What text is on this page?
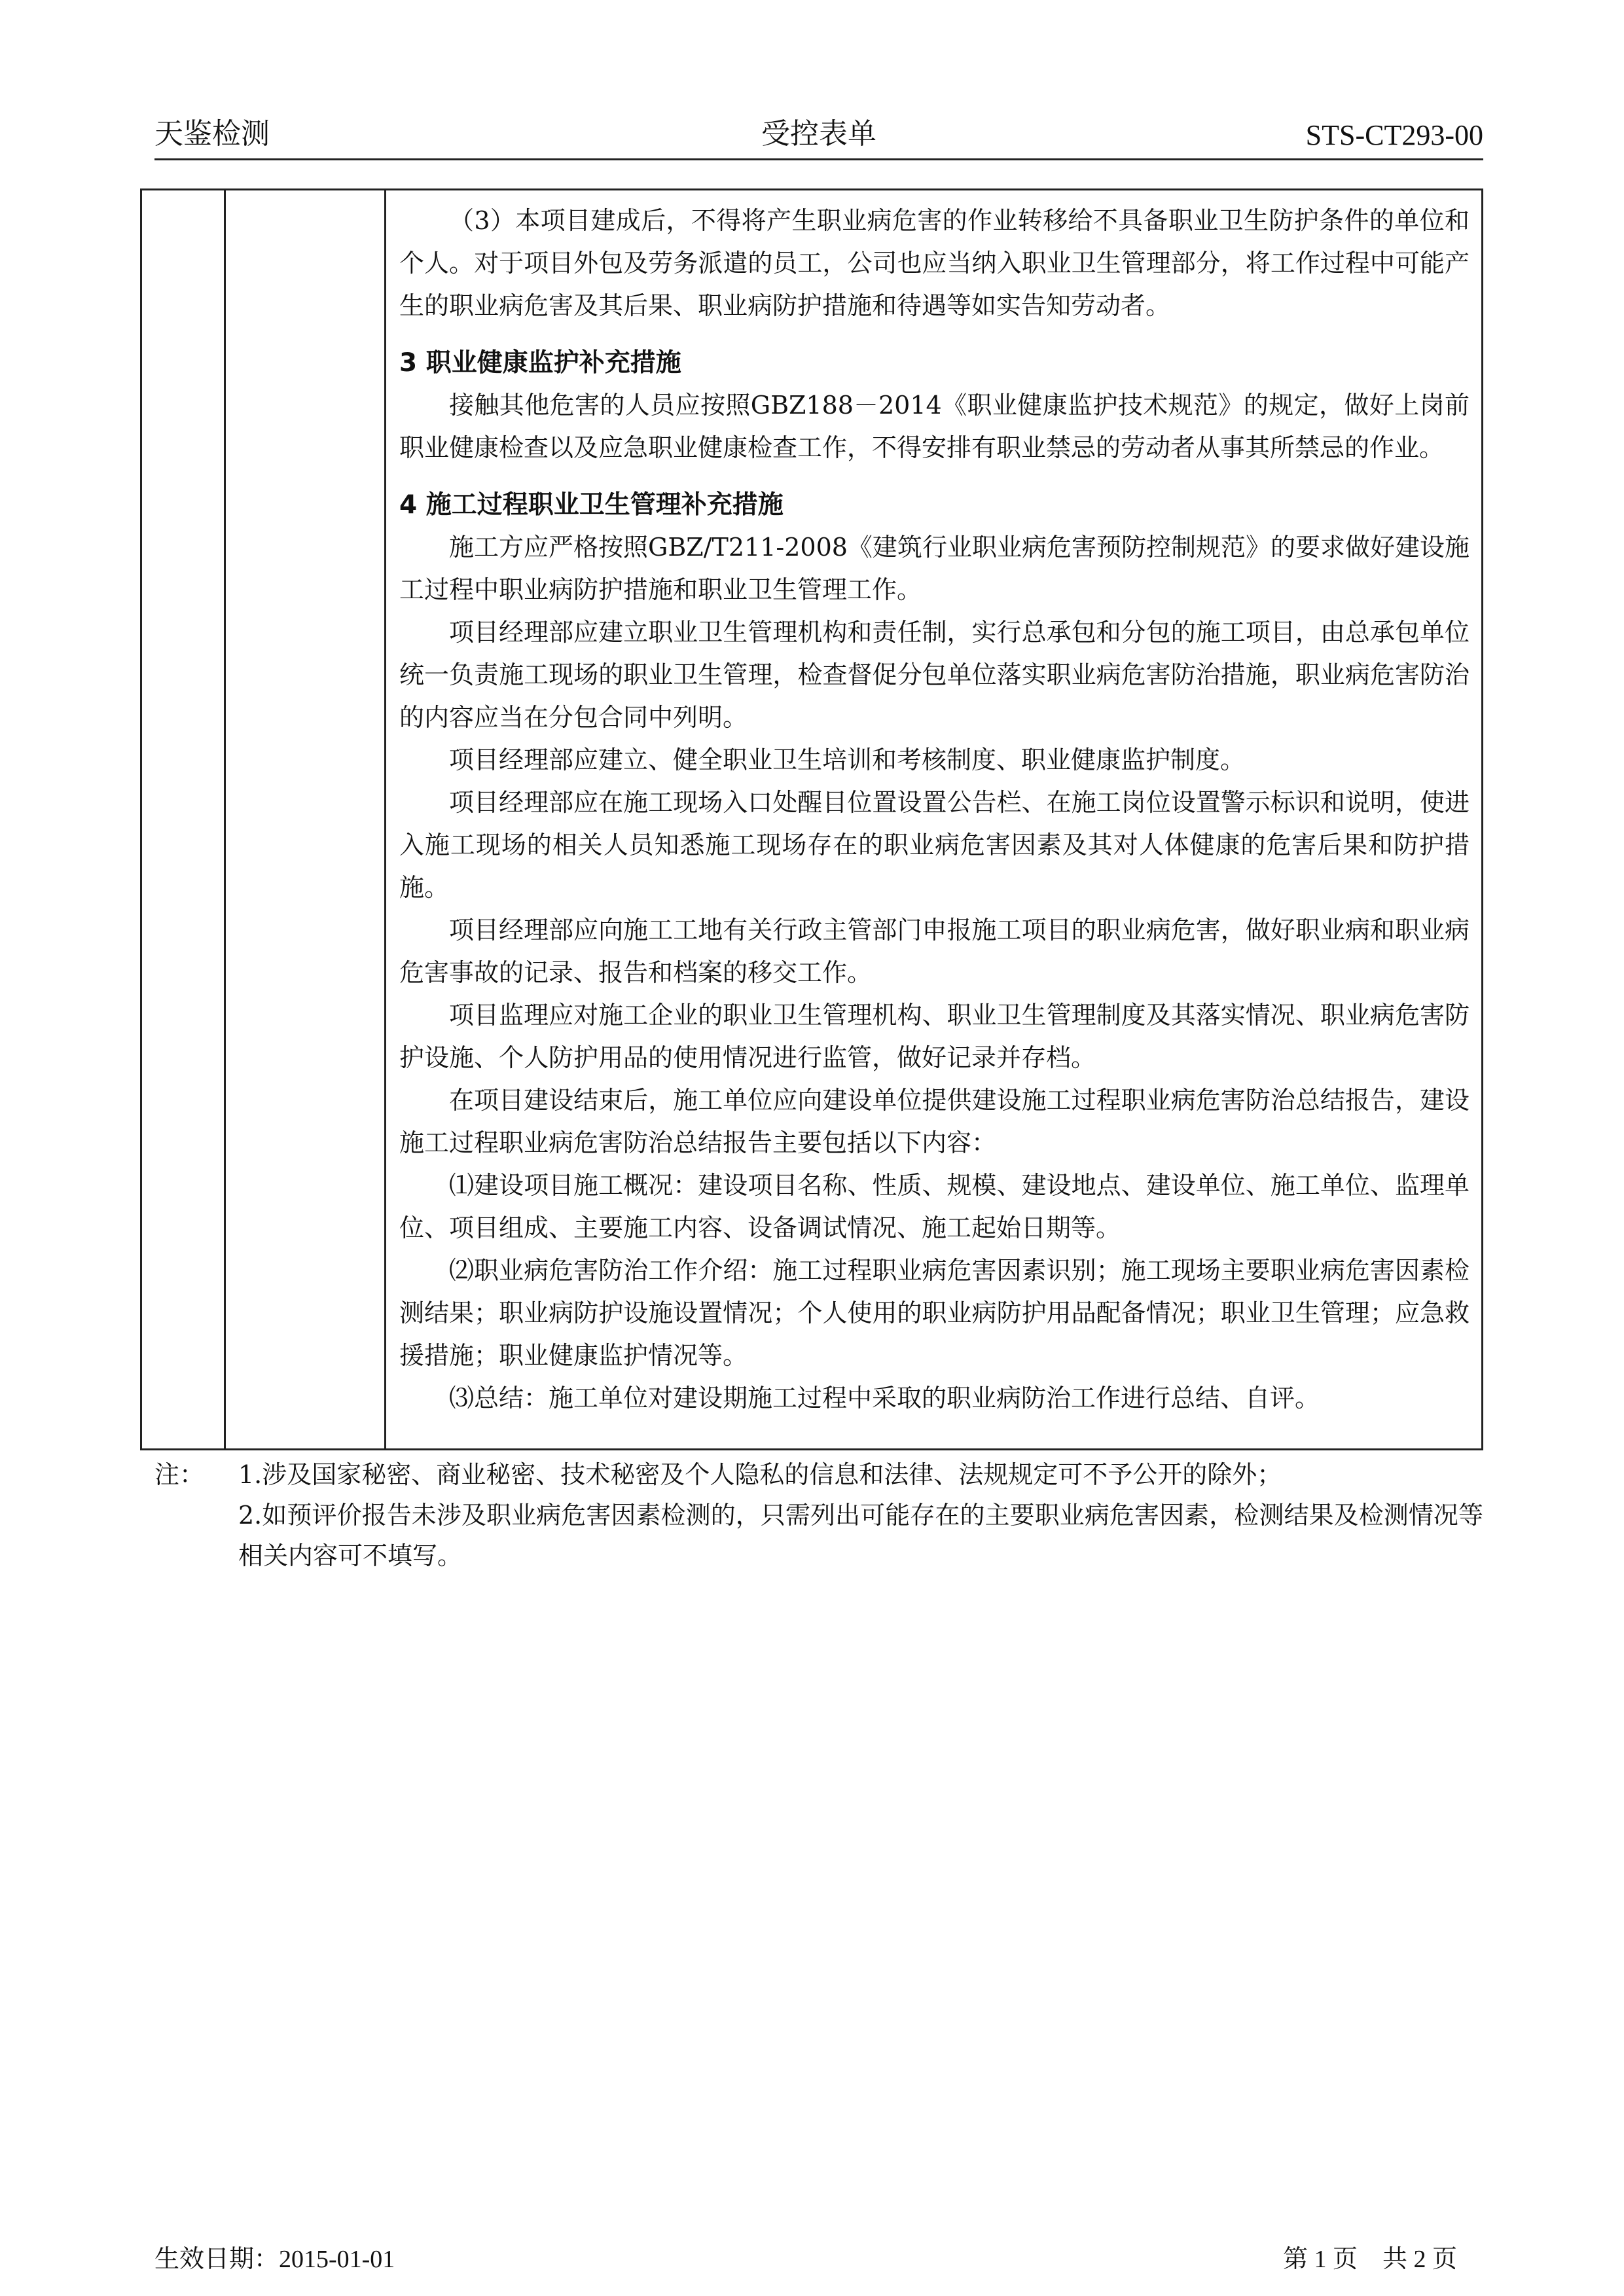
天鉴检测	受控表单	STS-CT293-00

（3）本项目建成后，不得将产生职业病危害的作业转移给不具备职业卫生防护条件的单位和个人。对于项目外包及劳务派遣的员工，公司也应当纳入职业卫生管理部分，将工作过程中可能产生的职业病危害及其后果、职业病防护措施和待遇等如实告知劳动者。

3 职业健康监护补充措施

接触其他危害的人员应按照GBZ188－2014《职业健康监护技术规范》的规定，做好上岗前职业健康检查以及应急职业健康检查工作，不得安排有职业禁忌的劳动者从事其所禁忌的作业。

4 施工过程职业卫生管理补充措施

施工方应严格按照GBZ/T211-2008《建筑行业职业病危害预防控制规范》的要求做好建设施工过程中职业病防护措施和职业卫生管理工作。

项目经理部应建立职业卫生管理机构和责任制，实行总承包和分包的施工项目，由总承包单位统一负责施工现场的职业卫生管理，检查督促分包单位落实职业病危害防治措施，职业病危害防治的内容应当在分包合同中列明。

项目经理部应建立、健全职业卫生培训和考核制度、职业健康监护制度。

项目经理部应在施工现场入口处醒目位置设置公告栏、在施工岗位设置警示标识和说明，使进入施工现场的相关人员知悉施工现场存在的职业病危害因素及其对人体健康的危害后果和防护措施。

项目经理部应向施工工地有关行政主管部门申报施工项目的职业病危害，做好职业病和职业病危害事故的记录、报告和档案的移交工作。

项目监理应对施工企业的职业卫生管理机构、职业卫生管理制度及其落实情况、职业病危害防护设施、个人防护用品的使用情况进行监管，做好记录并存档。

在项目建设结束后，施工单位应向建设单位提供建设施工过程职业病危害防治总结报告，建设施工过程职业病危害防治总结报告主要包括以下内容：

⑴建设项目施工概况：建设项目名称、性质、规模、建设地点、建设单位、施工单位、监理单位、项目组成、主要施工内容、设备调试情况、施工起始日期等。

⑵职业病危害防治工作介绍：施工过程职业病危害因素识别；施工现场主要职业病危害因素检测结果；职业病防护设施设置情况；个人使用的职业病防护用品配备情况；职业卫生管理；应急救援措施；职业健康监护情况等。

⑶总结：施工单位对建设期施工过程中采取的职业病防治工作进行总结、自评。

注： 1.涉及国家秘密、商业秘密、技术秘密及个人隐私的信息和法律、法规规定可不予公开的除外；

2.如预评价报告未涉及职业病危害因素检测的，只需列出可能存在的主要职业病危害因素，检测结果及检测情况等相关内容可不填写。

生效日期：2015-01-01	第 1 页　共 2 页
